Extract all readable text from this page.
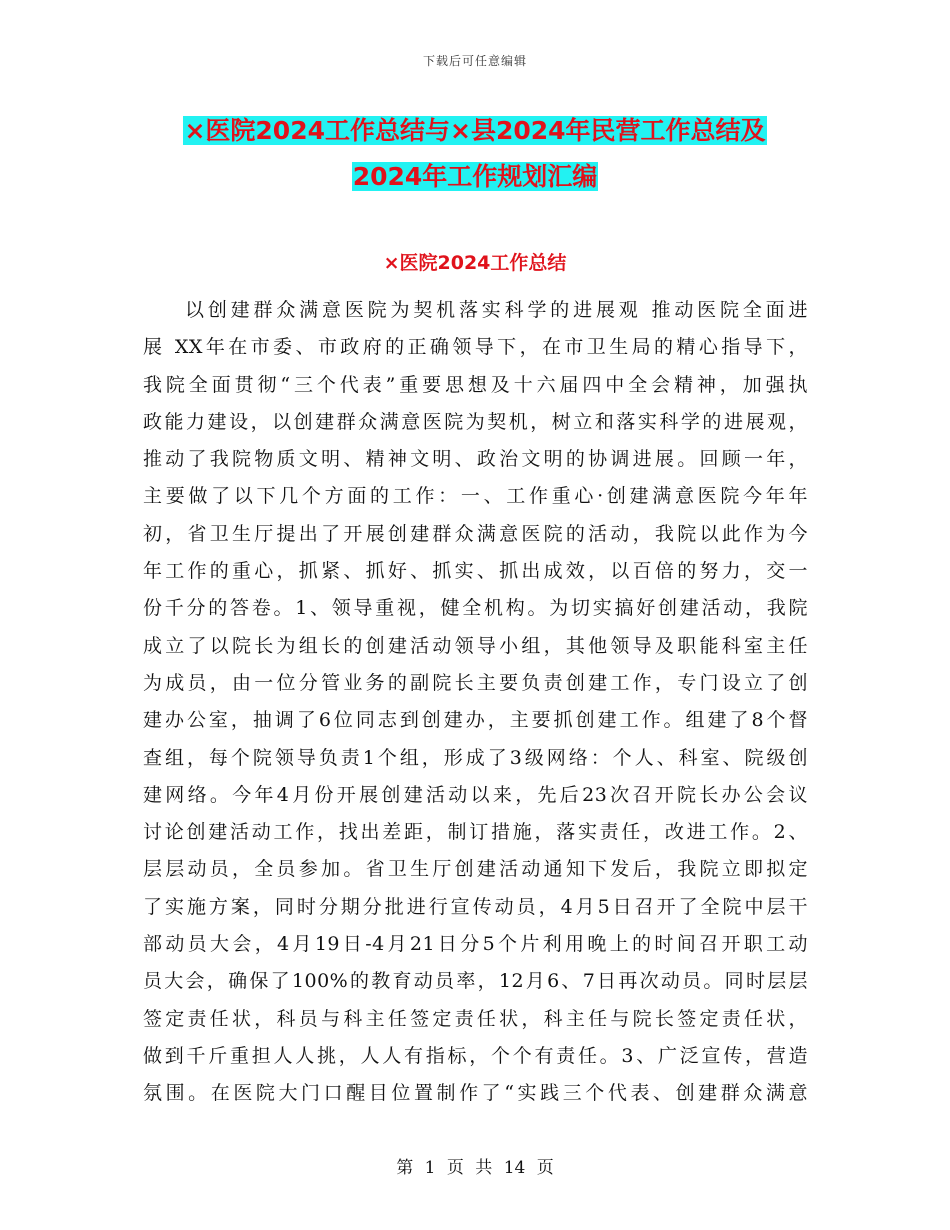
下载后可任意编辑
×医院2024工作总结与×县2024年民营工作总结及
2024年工作规划汇编
×医院2024工作总结
以创建群众满意医院为契机落实科学的进展观 推动医院全面进
展 XX年在市委、市政府的正确领导下，在市卫生局的精心指导下，
我院全面贯彻“三个代表”重要思想及十六届四中全会精神，加强执
政能力建设，以创建群众满意医院为契机，树立和落实科学的进展观，
推动了我院物质文明、精神文明、政治文明的协调进展。回顾一年，
主要做了以下几个方面的工作：一、工作重心·创建满意医院今年年
初，省卫生厅提出了开展创建群众满意医院的活动，我院以此作为今
年工作的重心，抓紧、抓好、抓实、抓出成效，以百倍的努力，交一
份千分的答卷。1、领导重视，健全机构。为切实搞好创建活动，我院
成立了以院长为组长的创建活动领导小组，其他领导及职能科室主任
为成员，由一位分管业务的副院长主要负责创建工作，专门设立了创
建办公室，抽调了6位同志到创建办，主要抓创建工作。组建了8个督
查组，每个院领导负责1个组，形成了3级网络：个人、科室、院级创
建网络。今年4月份开展创建活动以来，先后23次召开院长办公会议
讨论创建活动工作，找出差距，制订措施，落实责任，改进工作。2、
层层动员，全员参加。省卫生厅创建活动通知下发后，我院立即拟定
了实施方案，同时分期分批进行宣传动员，4月5日召开了全院中层干
部动员大会，4月19日-4月21日分5个片利用晚上的时间召开职工动
员大会，确保了100%的教育动员率，12月6、7日再次动员。同时层层
签定责任状，科员与科主任签定责任状，科主任与院长签定责任状，
做到千斤重担人人挑，人人有指标，个个有责任。3、广泛宣传，营造
氛围。在医院大门口醒目位置制作了“实践三个代表、创建群众满意
第 1 页 共 14 页
